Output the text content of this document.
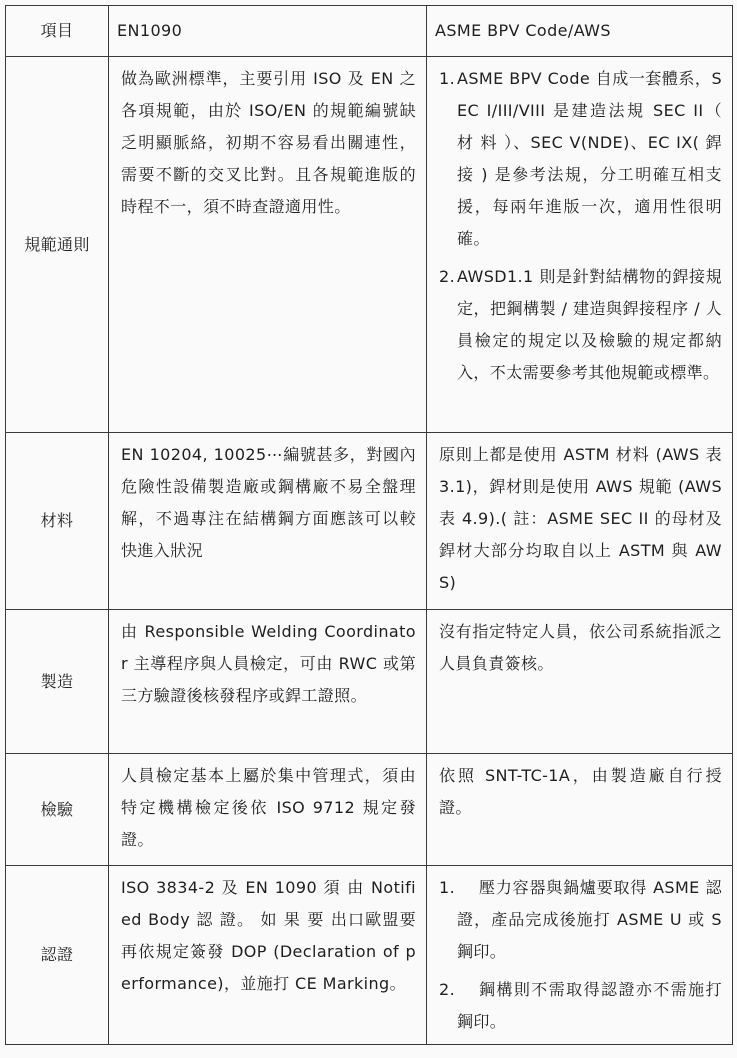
項目	EN1090	ASME BPV Code/AWS
規範通則	做為歐洲標準，主要引用 ISO 及 EN 之各項規範，由於 ISO/EN 的規範編號缺乏明顯脈絡，初期不容易看出關連性，需要不斷的交叉比對。且各規範進版的時程不一，須不時查證適用性。	1. ASME BPV Code 自成一套體系，SEC I/III/VIII 是建造法規 SEC II（ 材 料 ）、SEC V(NDE)、EC IX( 銲接 ) 是參考法規，分工明確互相支援，每兩年進版一次，適用性很明確。
2. AWSD1.1 則是針對結構物的銲接規定，把鋼構製 / 建造與銲接程序 / 人員檢定的規定以及檢驗的規定都納入，不太需要參考其他規範或標準。

材料	EN 10204, 10025⋯編號甚多，對國內危險性設備製造廠或鋼構廠不易全盤理解，不過專注在結構鋼方面應該可以較快進入狀況	原則上都是使用 ASTM 材料 (AWS 表 3.1)，銲材則是使用 AWS 規範 (AWS 表 4.9).( 註：ASME SEC II 的母材及銲材大部分均取自以上 ASTM 與 AWS)
製造	由 Responsible Welding Coordinator 主導程序與人員檢定，可由 RWC 或第三方驗證後核發程序或銲工證照。	沒有指定特定人員，依公司系統指派之人員負責簽核。
檢驗	人員檢定基本上屬於集中管理式，須由特定機構檢定後依 ISO 9712 規定發證。	依照 SNT-TC-1A，由製造廠自行授證。
認證	ISO 3834-2 及 EN 1090 須 由 Notified Body 認 證。 如 果 要 出口歐盟要再依規定簽發 DOP (Declaration of performance)，並施打 CE Marking。	1. 壓力容器與鍋爐要取得 ASME 認證，產品完成後施打 ASME U 或 S 鋼印。
2. 鋼構則不需取得認證亦不需施打鋼印。
